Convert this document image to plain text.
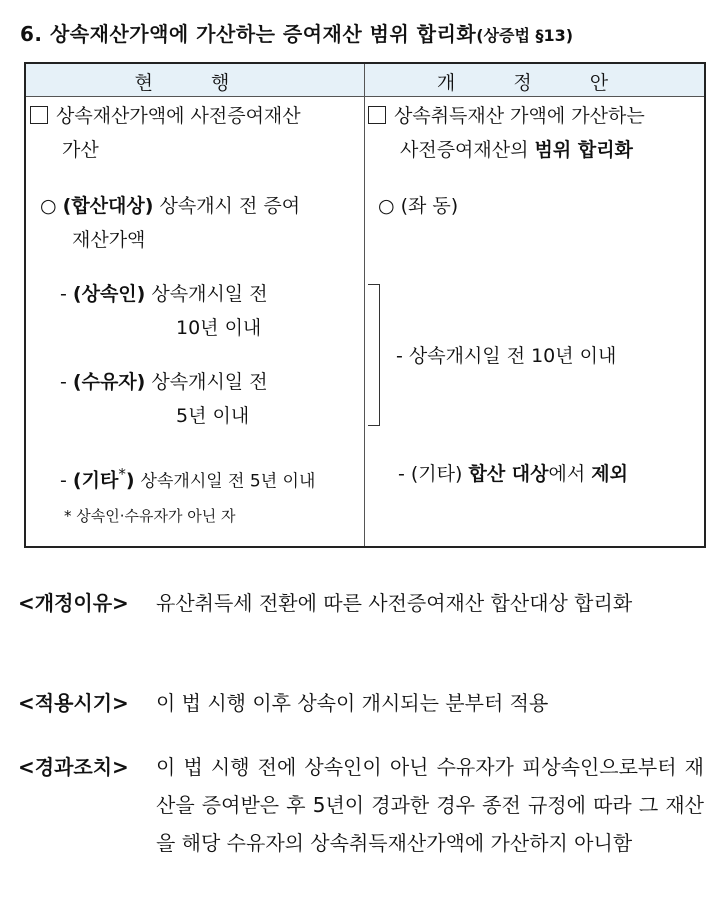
6. 상속재산가액에 가산하는 증여재산 범위 합리화(상증법 §13)
현 행	개 정 안
상속재산가액에 사전증여재산
가산
○ (합산대상) 상속개시 전 증여
재산가액
- (상속인) 상속개시일 전
10년 이내
- (수유자) 상속개시일 전
5년 이내
- (기타*) 상속개시일 전 5년 이내
* 상속인·수유자가 아닌 자
상속취득재산 가액에 가산하는
사전증여재산의 범위 합리화
○ (좌 동)
- 상속개시일 전 10년 이내
- (기타) 합산 대상에서 제외
<개정이유> 유산취득세 전환에 따른 사전증여재산 합산대상 합리화
<적용시기> 이 법 시행 이후 상속이 개시되는 분부터 적용
<경과조치> 이 법 시행 전에 상속인이 아닌 수유자가 피상속인으로부터 재산을 증여받은 후 5년이 경과한 경우 종전 규정에 따라 그 재산을 해당 수유자의 상속취득재산가액에 가산하지 아니함
